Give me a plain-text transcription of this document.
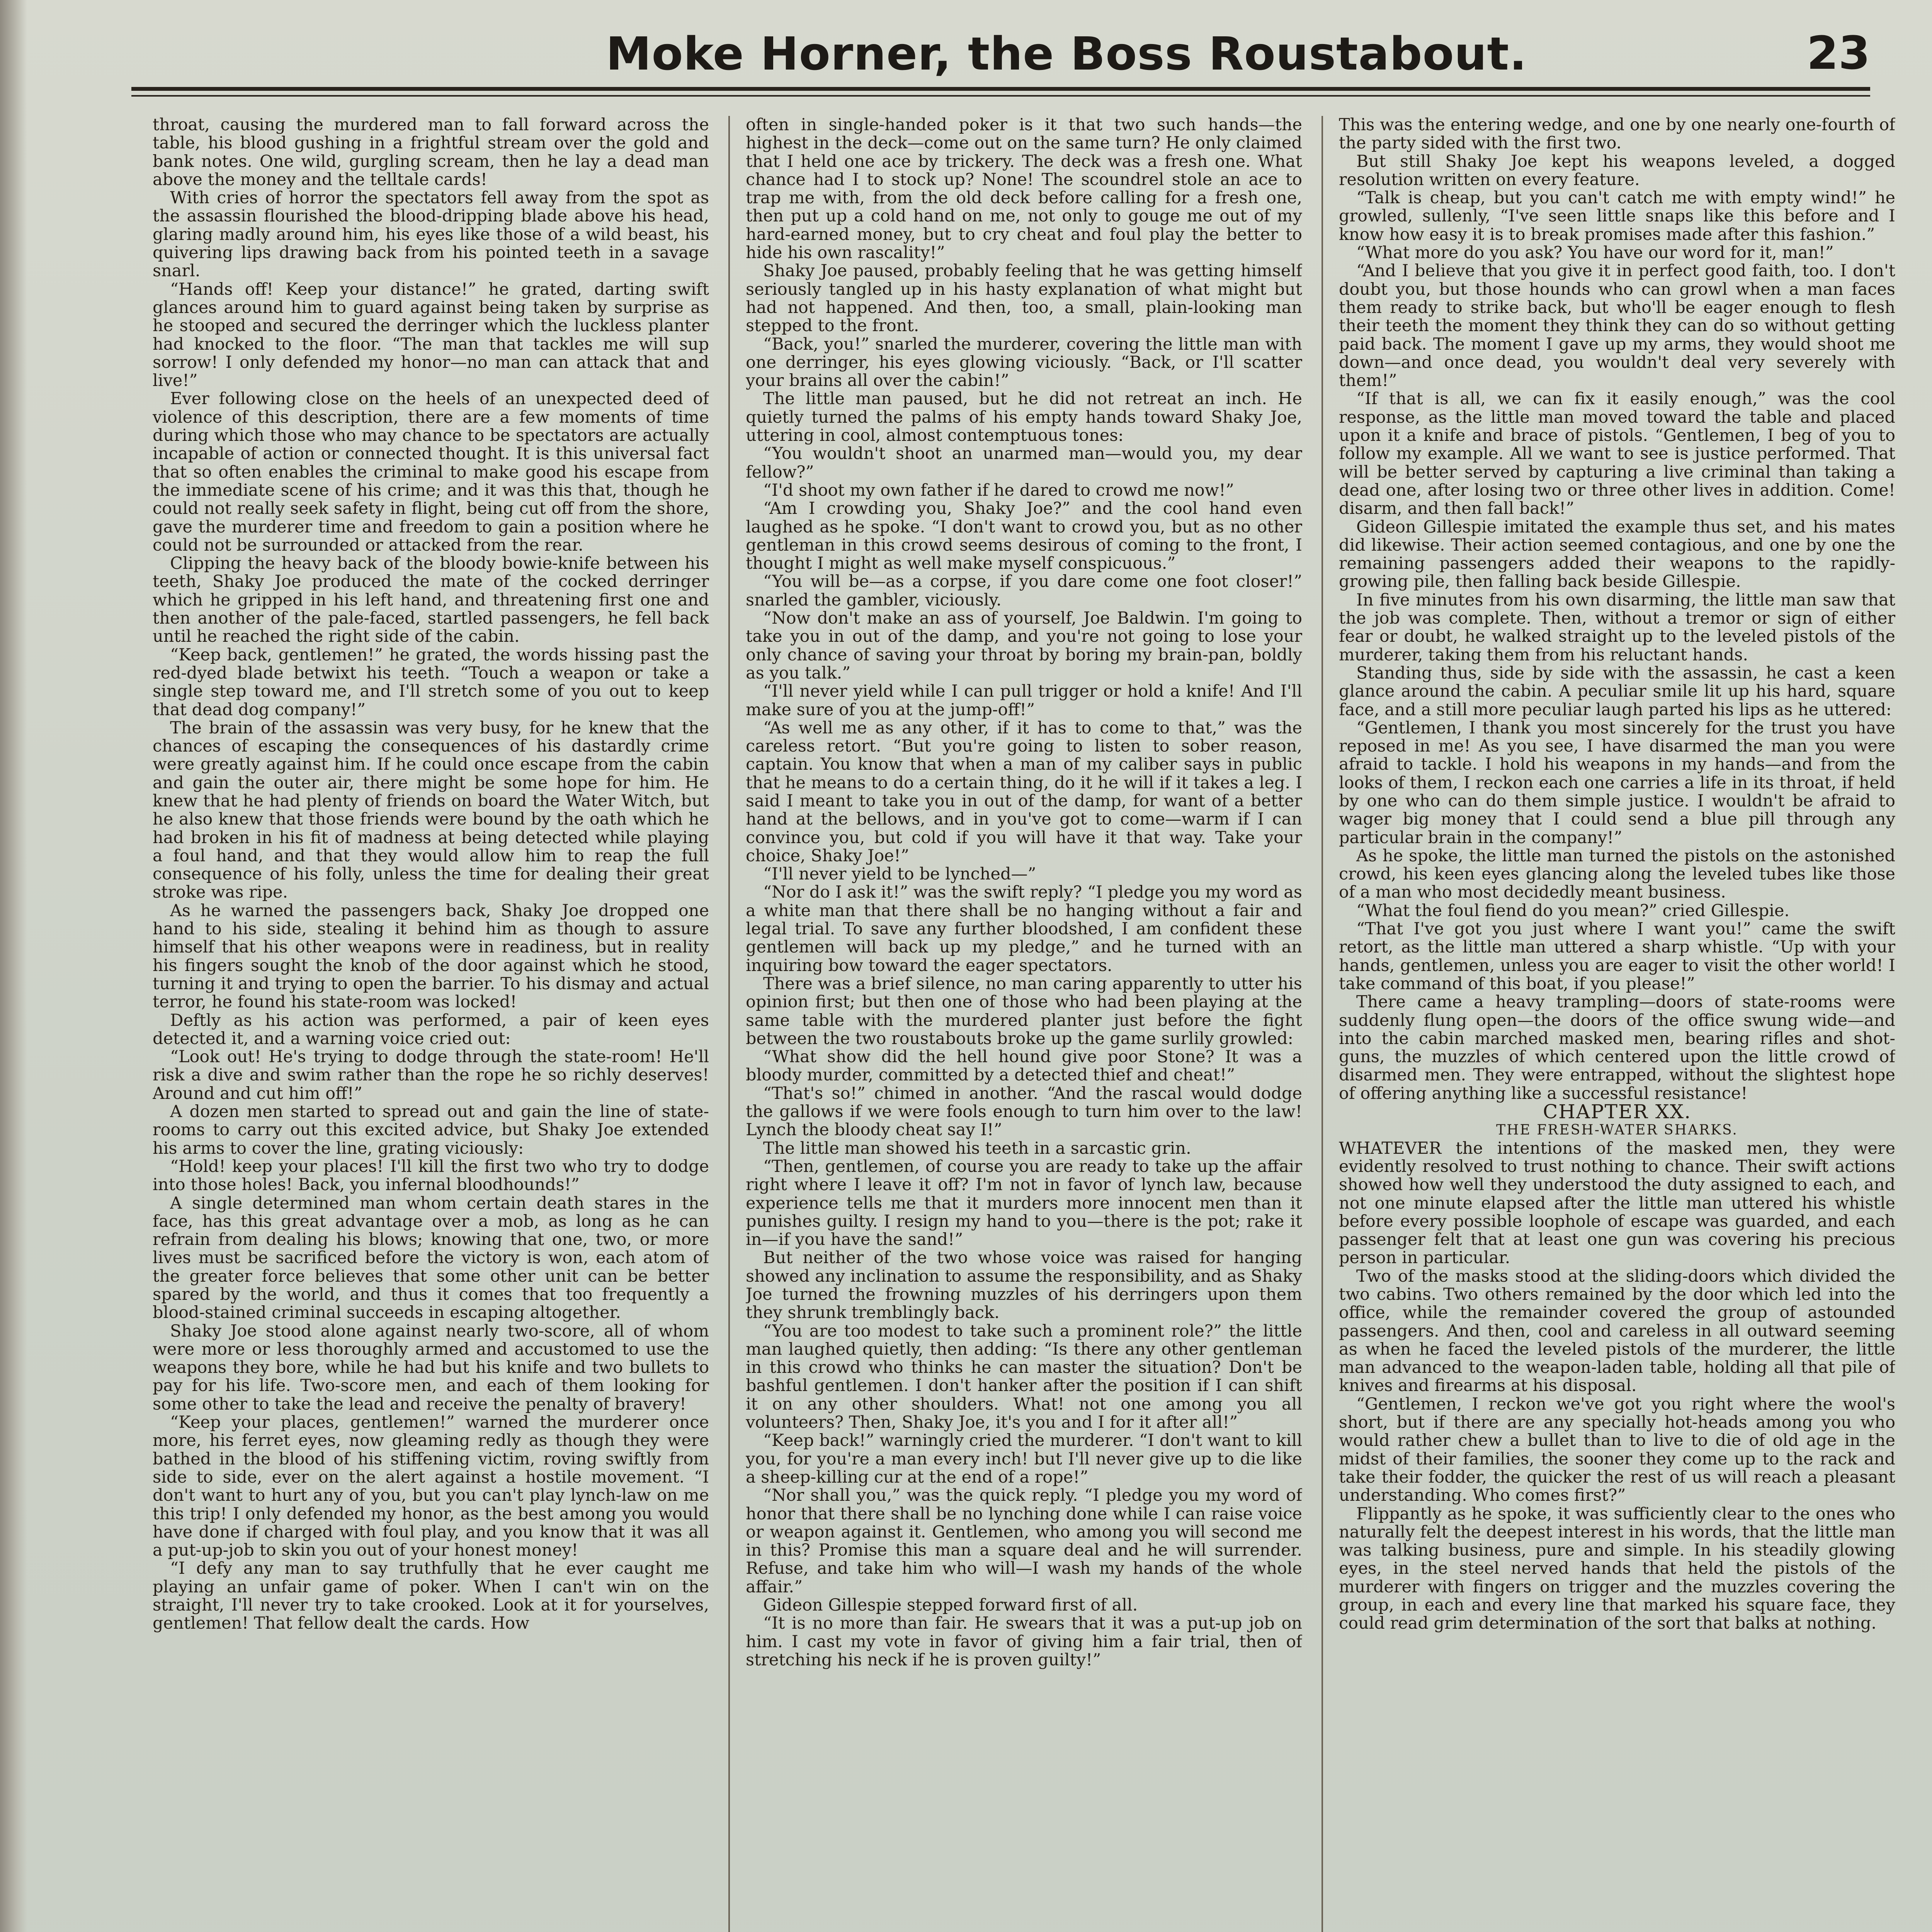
Moke Horner, the Boss Roustabout.	23

throat, causing the murdered man to fall forward across the table, his blood gushing in a frightful stream over the gold and bank notes. One wild, gurgling scream, then he lay a dead man above the money and the telltale cards!

With cries of horror the spectators fell away from the spot as the assassin flourished the blood-dripping blade above his head, glaring madly around him, his eyes like those of a wild beast, his quivering lips drawing back from his pointed teeth in a savage snarl.

“Hands off! Keep your distance!” he grated, darting swift glances around him to guard against being taken by surprise as he stooped and secured the derringer which the luckless planter had knocked to the floor. “The man that tackles me will sup sorrow! I only defended my honor—no man can attack that and live!”

Ever following close on the heels of an unexpected deed of violence of this description, there are a few moments of time during which those who may chance to be spectators are actually incapable of action or connected thought. It is this universal fact that so often enables the criminal to make good his escape from the immediate scene of his crime; and it was this that, though he could not really seek safety in flight, being cut off from the shore, gave the murderer time and freedom to gain a position where he could not be surrounded or attacked from the rear.

Clipping the heavy back of the bloody bowie-knife between his teeth, Shaky Joe produced the mate of the cocked derringer which he gripped in his left hand, and threatening first one and then another of the pale-faced, startled passengers, he fell back until he reached the right side of the cabin.

“Keep back, gentlemen!” he grated, the words hissing past the red-dyed blade betwixt his teeth. “Touch a weapon or take a single step toward me, and I'll stretch some of you out to keep that dead dog company!”

The brain of the assassin was very busy, for he knew that the chances of escaping the consequences of his dastardly crime were greatly against him. If he could once escape from the cabin and gain the outer air, there might be some hope for him. He knew that he had plenty of friends on board the Water Witch, but he also knew that those friends were bound by the oath which he had broken in his fit of madness at being detected while playing a foul hand, and that they would allow him to reap the full consequence of his folly, unless the time for dealing their great stroke was ripe.

As he warned the passengers back, Shaky Joe dropped one hand to his side, stealing it behind him as though to assure himself that his other weapons were in readiness, but in reality his fingers sought the knob of the door against which he stood, turning it and trying to open the barrier. To his dismay and actual terror, he found his state-room was locked!

Deftly as his action was performed, a pair of keen eyes detected it, and a warning voice cried out:

“Look out! He's trying to dodge through the state-room! He'll risk a dive and swim rather than the rope he so richly deserves! Around and cut him off!”

A dozen men started to spread out and gain the line of state-rooms to carry out this excited advice, but Shaky Joe extended his arms to cover the line, grating viciously:

“Hold! keep your places! I'll kill the first two who try to dodge into those holes! Back, you infernal bloodhounds!”

A single determined man whom certain death stares in the face, has this great advantage over a mob, as long as he can refrain from dealing his blows; knowing that one, two, or more lives must be sacrificed before the victory is won, each atom of the greater force believes that some other unit can be better spared by the world, and thus it comes that too frequently a blood-stained criminal succeeds in escaping altogether.

Shaky Joe stood alone against nearly two-score, all of whom were more or less thoroughly armed and accustomed to use the weapons they bore, while he had but his knife and two bullets to pay for his life. Two-score men, and each of them looking for some other to take the lead and receive the penalty of bravery!

“Keep your places, gentlemen!” warned the murderer once more, his ferret eyes, now gleaming redly as though they were bathed in the blood of his stiffening victim, roving swiftly from side to side, ever on the alert against a hostile movement. “I don't want to hurt any of you, but you can't play lynch-law on me this trip! I only defended my honor, as the best among you would have done if charged with foul play, and you know that it was all a put-up-job to skin you out of your honest money!

“I defy any man to say truthfully that he ever caught me playing an unfair game of poker. When I can't win on the straight, I'll never try to take crooked. Look at it for yourselves, gentlemen! That fellow dealt the cards. How

often in single-handed poker is it that two such hands—the highest in the deck—come out on the same turn? He only claimed that I held one ace by trickery. The deck was a fresh one. What chance had I to stock up? None! The scoundrel stole an ace to trap me with, from the old deck before calling for a fresh one, then put up a cold hand on me, not only to gouge me out of my hard-earned money, but to cry cheat and foul play the better to hide his own rascality!”

Shaky Joe paused, probably feeling that he was getting himself seriously tangled up in his hasty explanation of what might but had not happened. And then, too, a small, plain-looking man stepped to the front.

“Back, you!” snarled the murderer, covering the little man with one derringer, his eyes glowing viciously. “Back, or I'll scatter your brains all over the cabin!”

The little man paused, but he did not retreat an inch. He quietly turned the palms of his empty hands toward Shaky Joe, uttering in cool, almost contemptuous tones:

“You wouldn't shoot an unarmed man—would you, my dear fellow?”

“I'd shoot my own father if he dared to crowd me now!”

“Am I crowding you, Shaky Joe?” and the cool hand even laughed as he spoke. “I don't want to crowd you, but as no other gentleman in this crowd seems desirous of coming to the front, I thought I might as well make myself conspicuous.”

“You will be—as a corpse, if you dare come one foot closer!” snarled the gambler, viciously.

“Now don't make an ass of yourself, Joe Baldwin. I'm going to take you in out of the damp, and you're not going to lose your only chance of saving your throat by boring my brain-pan, boldly as you talk.”

“I'll never yield while I can pull trigger or hold a knife! And I'll make sure of you at the jump-off!”

“As well me as any other, if it has to come to that,” was the careless retort. “But you're going to listen to sober reason, captain. You know that when a man of my caliber says in public that he means to do a certain thing, do it he will if it takes a leg. I said I meant to take you in out of the damp, for want of a better hand at the bellows, and in you've got to come—warm if I can convince you, but cold if you will have it that way. Take your choice, Shaky Joe!”

“I'll never yield to be lynched—”

“Nor do I ask it!” was the swift reply? “I pledge you my word as a white man that there shall be no hanging without a fair and legal trial. To save any further bloodshed, I am confident these gentlemen will back up my pledge,” and he turned with an inquiring bow toward the eager spectators.

There was a brief silence, no man caring apparently to utter his opinion first; but then one of those who had been playing at the same table with the murdered planter just before the fight between the two roustabouts broke up the game surlily growled:

“What show did the hell hound give poor Stone? It was a bloody murder, committed by a detected thief and cheat!”

“That's so!” chimed in another. “And the rascal would dodge the gallows if we were fools enough to turn him over to the law! Lynch the bloody cheat say I!”

The little man showed his teeth in a sarcastic grin.

“Then, gentlemen, of course you are ready to take up the affair right where I leave it off? I'm not in favor of lynch law, because experience tells me that it murders more innocent men than it punishes guilty. I resign my hand to you—there is the pot; rake it in—if you have the sand!”

But neither of the two whose voice was raised for hanging showed any inclination to assume the responsibility, and as Shaky Joe turned the frowning muzzles of his derringers upon them they shrunk tremblingly back.

“You are too modest to take such a prominent role?” the little man laughed quietly, then adding: “Is there any other gentleman in this crowd who thinks he can master the situation? Don't be bashful gentlemen. I don't hanker after the position if I can shift it on any other shoulders. What! not one among you all volunteers? Then, Shaky Joe, it's you and I for it after all!”

“Keep back!” warningly cried the murderer. “I don't want to kill you, for you're a man every inch! but I'll never give up to die like a sheep-killing cur at the end of a rope!”

“Nor shall you,” was the quick reply. “I pledge you my word of honor that there shall be no lynching done while I can raise voice or weapon against it. Gentlemen, who among you will second me in this? Promise this man a square deal and he will surrender. Refuse, and take him who will—I wash my hands of the whole affair.”

Gideon Gillespie stepped forward first of all.

“It is no more than fair. He swears that it was a put-up job on him. I cast my vote in favor of giving him a fair trial, then of stretching his neck if he is proven guilty!”

This was the entering wedge, and one by one nearly one-fourth of the party sided with the first two.

But still Shaky Joe kept his weapons leveled, a dogged resolution written on every feature.

“Talk is cheap, but you can't catch me with empty wind!” he growled, sullenly, “I've seen little snaps like this before and I know how easy it is to break promises made after this fashion.”

“What more do you ask? You have our word for it, man!”

“And I believe that you give it in perfect good faith, too. I don't doubt you, but those hounds who can growl when a man faces them ready to strike back, but who'll be eager enough to flesh their teeth the moment they think they can do so without getting paid back. The moment I gave up my arms, they would shoot me down—and once dead, you wouldn't deal very severely with them!”

“If that is all, we can fix it easily enough,” was the cool response, as the little man moved toward the table and placed upon it a knife and brace of pistols. “Gentlemen, I beg of you to follow my example. All we want to see is justice performed. That will be better served by capturing a live criminal than taking a dead one, after losing two or three other lives in addition. Come! disarm, and then fall back!”

Gideon Gillespie imitated the example thus set, and his mates did likewise. Their action seemed contagious, and one by one the remaining passengers added their weapons to the rapidly-growing pile, then falling back beside Gillespie.

In five minutes from his own disarming, the little man saw that the job was complete. Then, without a tremor or sign of either fear or doubt, he walked straight up to the leveled pistols of the murderer, taking them from his reluctant hands.

Standing thus, side by side with the assassin, he cast a keen glance around the cabin. A peculiar smile lit up his hard, square face, and a still more peculiar laugh parted his lips as he uttered:

“Gentlemen, I thank you most sincerely for the trust you have reposed in me! As you see, I have disarmed the man you were afraid to tackle. I hold his weapons in my hands—and from the looks of them, I reckon each one carries a life in its throat, if held by one who can do them simple justice. I wouldn't be afraid to wager big money that I could send a blue pill through any particular brain in the company!”

As he spoke, the little man turned the pistols on the astonished crowd, his keen eyes glancing along the leveled tubes like those of a man who most decidedly meant business.

“What the foul fiend do you mean?” cried Gillespie.

“That I've got you just where I want you!” came the swift retort, as the little man uttered a sharp whistle. “Up with your hands, gentlemen, unless you are eager to visit the other world! I take command of this boat, if you please!”

There came a heavy trampling—doors of state-rooms were suddenly flung open—the doors of the office swung wide—and into the cabin marched masked men, bearing rifles and shot-guns, the muzzles of which centered upon the little crowd of disarmed men. They were entrapped, without the slightest hope of offering anything like a successful resistance!

CHAPTER XX.

THE FRESH-WATER SHARKS.

WHATEVER the intentions of the masked men, they were evidently resolved to trust nothing to chance. Their swift actions showed how well they understood the duty assigned to each, and not one minute elapsed after the little man uttered his whistle before every possible loophole of escape was guarded, and each passenger felt that at least one gun was covering his precious person in particular.

Two of the masks stood at the sliding-doors which divided the two cabins. Two others remained by the door which led into the office, while the remainder covered the group of astounded passengers. And then, cool and careless in all outward seeming as when he faced the leveled pistols of the murderer, the little man advanced to the weapon-laden table, holding all that pile of knives and firearms at his disposal.

“Gentlemen, I reckon we've got you right where the wool's short, but if there are any specially hot-heads among you who would rather chew a bullet than to live to die of old age in the midst of their families, the sooner they come up to the rack and take their fodder, the quicker the rest of us will reach a pleasant understanding. Who comes first?”

Flippantly as he spoke, it was sufficiently clear to the ones who naturally felt the deepest interest in his words, that the little man was talking business, pure and simple. In his steadily glowing eyes, in the steel nerved hands that held the pistols of the murderer with fingers on trigger and the muzzles covering the group, in each and every line that marked his square face, they could read grim determination of the sort that balks at nothing.
